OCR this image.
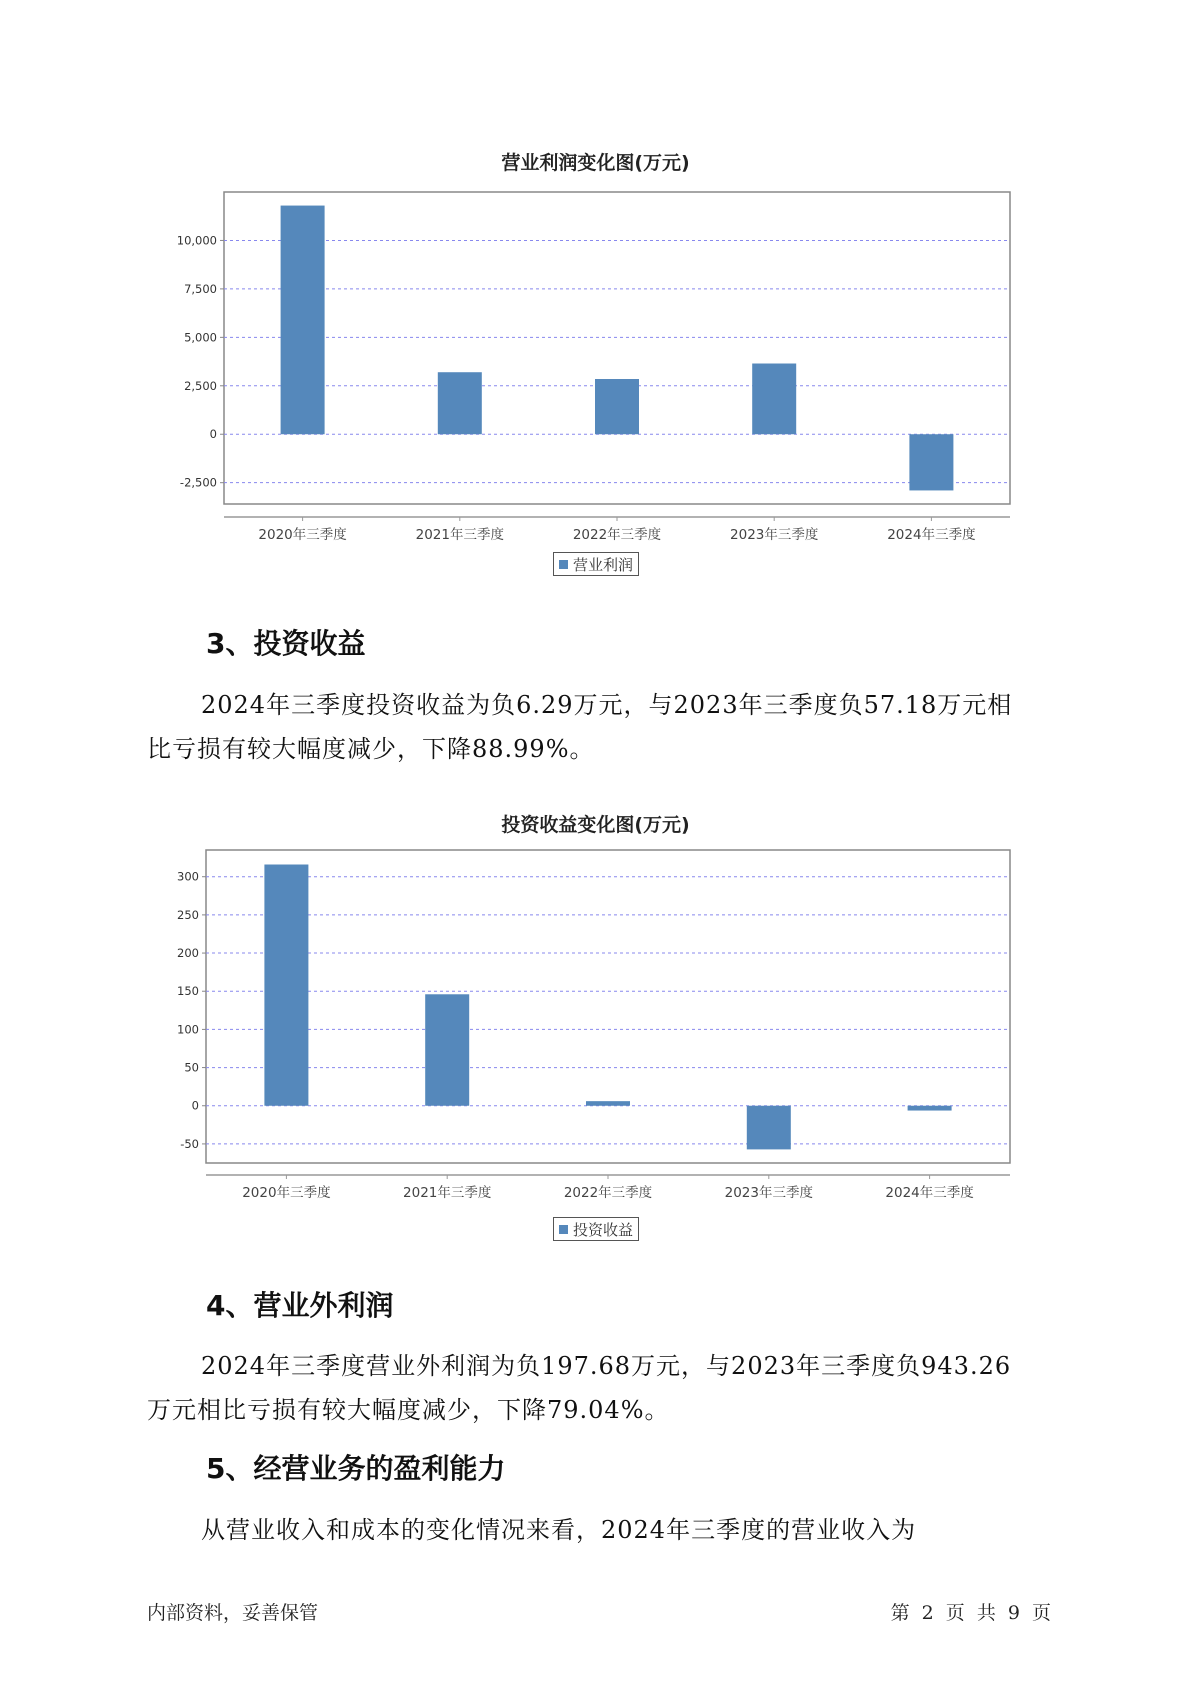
营业利润变化图(万元)
-2,500
0
2,500
5,000
7,500
10,000
2020年三季度	2021年三季度	2022年三季度	2023年三季度	2024年三季度
营业利润
3、投资收益

2024年三季度投资收益为负6.29万元，与2023年三季度负57.18万元相
比亏损有较大幅度减少，下降88.99%。

投资收益变化图(万元)
-50
0
50
100
150
200
250
300
2020年三季度	2021年三季度	2022年三季度	2023年三季度	2024年三季度
投资收益
4、营业外利润

2024年三季度营业外利润为负197.68万元，与2023年三季度负943.26
万元相比亏损有较大幅度减少，下降79.04%。

5、经营业务的盈利能力

从营业收入和成本的变化情况来看，2024年三季度的营业收入为

内部资料，妥善保管	第 2 页 共 9 页
